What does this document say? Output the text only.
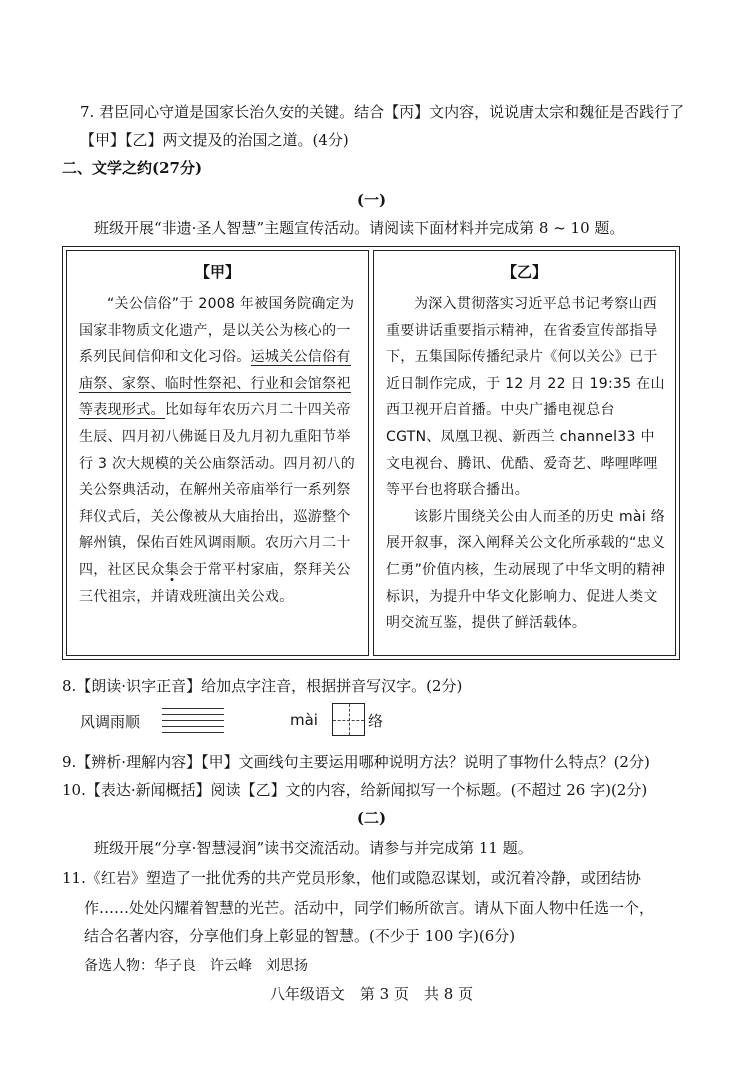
7. 君臣同心守道是国家长治久安的关键。结合【丙】文内容，说说唐太宗和魏征是否践行了
【甲】【乙】两文提及的治国之道。(4分)
二、文学之约(27分)
(一)
班级开展“非遗·圣人智慧”主题宣传活动。请阅读下面材料并完成第 8 ~ 10 题。
【甲】

“关公信俗”于 2008 年被国务院确定为国家非物质文化遗产，是以关公为核心的一系列民间信仰和文化习俗。运城关公信俗有庙祭、家祭、临时性祭祀、行业和会馆祭祀等表现形式。比如每年农历六月二十四关帝生辰、四月初八佛诞日及九月初九重阳节举行 3 次大规模的关公庙祭活动。四月初八的关公祭典活动，在解州关帝庙举行一系列祭拜仪式后，关公像被从大庙抬出，巡游整个解州镇，保佑百姓风调雨顺。农历六月二十四，社区民众集会于常平村家庙，祭拜关公三代祖宗，并请戏班演出关公戏。

【乙】

为深入贯彻落实习近平总书记考察山西重要讲话重要指示精神，在省委宣传部指导下，五集国际传播纪录片《何以关公》已于近日制作完成，于 12 月 22 日 19:35 在山西卫视开启首播。中央广播电视总台 CGTN、凤凰卫视、新西兰 channel33 中文电视台、腾讯、优酷、爱奇艺、哔哩哔哩等平台也将联合播出。

该影片围绕关公由人而圣的历史 mài 络展开叙事，深入阐释关公文化所承载的“忠义仁勇”价值内核，生动展现了中华文明的精神标识，为提升中华文化影响力、促进人类文明交流互鉴，提供了鲜活载体。

8.【朗读·识字正音】给加点字注音，根据拼音写汉字。(2分)
风调雨顺	mài	络
9.【辨析·理解内容】【甲】文画线句主要运用哪种说明方法？说明了事物什么特点？(2分)
10.【表达·新闻概括】阅读【乙】文的内容，给新闻拟写一个标题。(不超过 26 字)(2分)
(二)
班级开展“分享·智慧浸润”读书交流活动。请参与并完成第 11 题。
11.《红岩》塑造了一批优秀的共产党员形象，他们或隐忍谋划，或沉着冷静，或团结协
作……处处闪耀着智慧的光芒。活动中，同学们畅所欲言。请从下面人物中任选一个，
结合名著内容，分享他们身上彰显的智慧。(不少于 100 字)(6分)
备选人物：华子良　许云峰　刘思扬
八年级语文　第 3 页　共 8 页
